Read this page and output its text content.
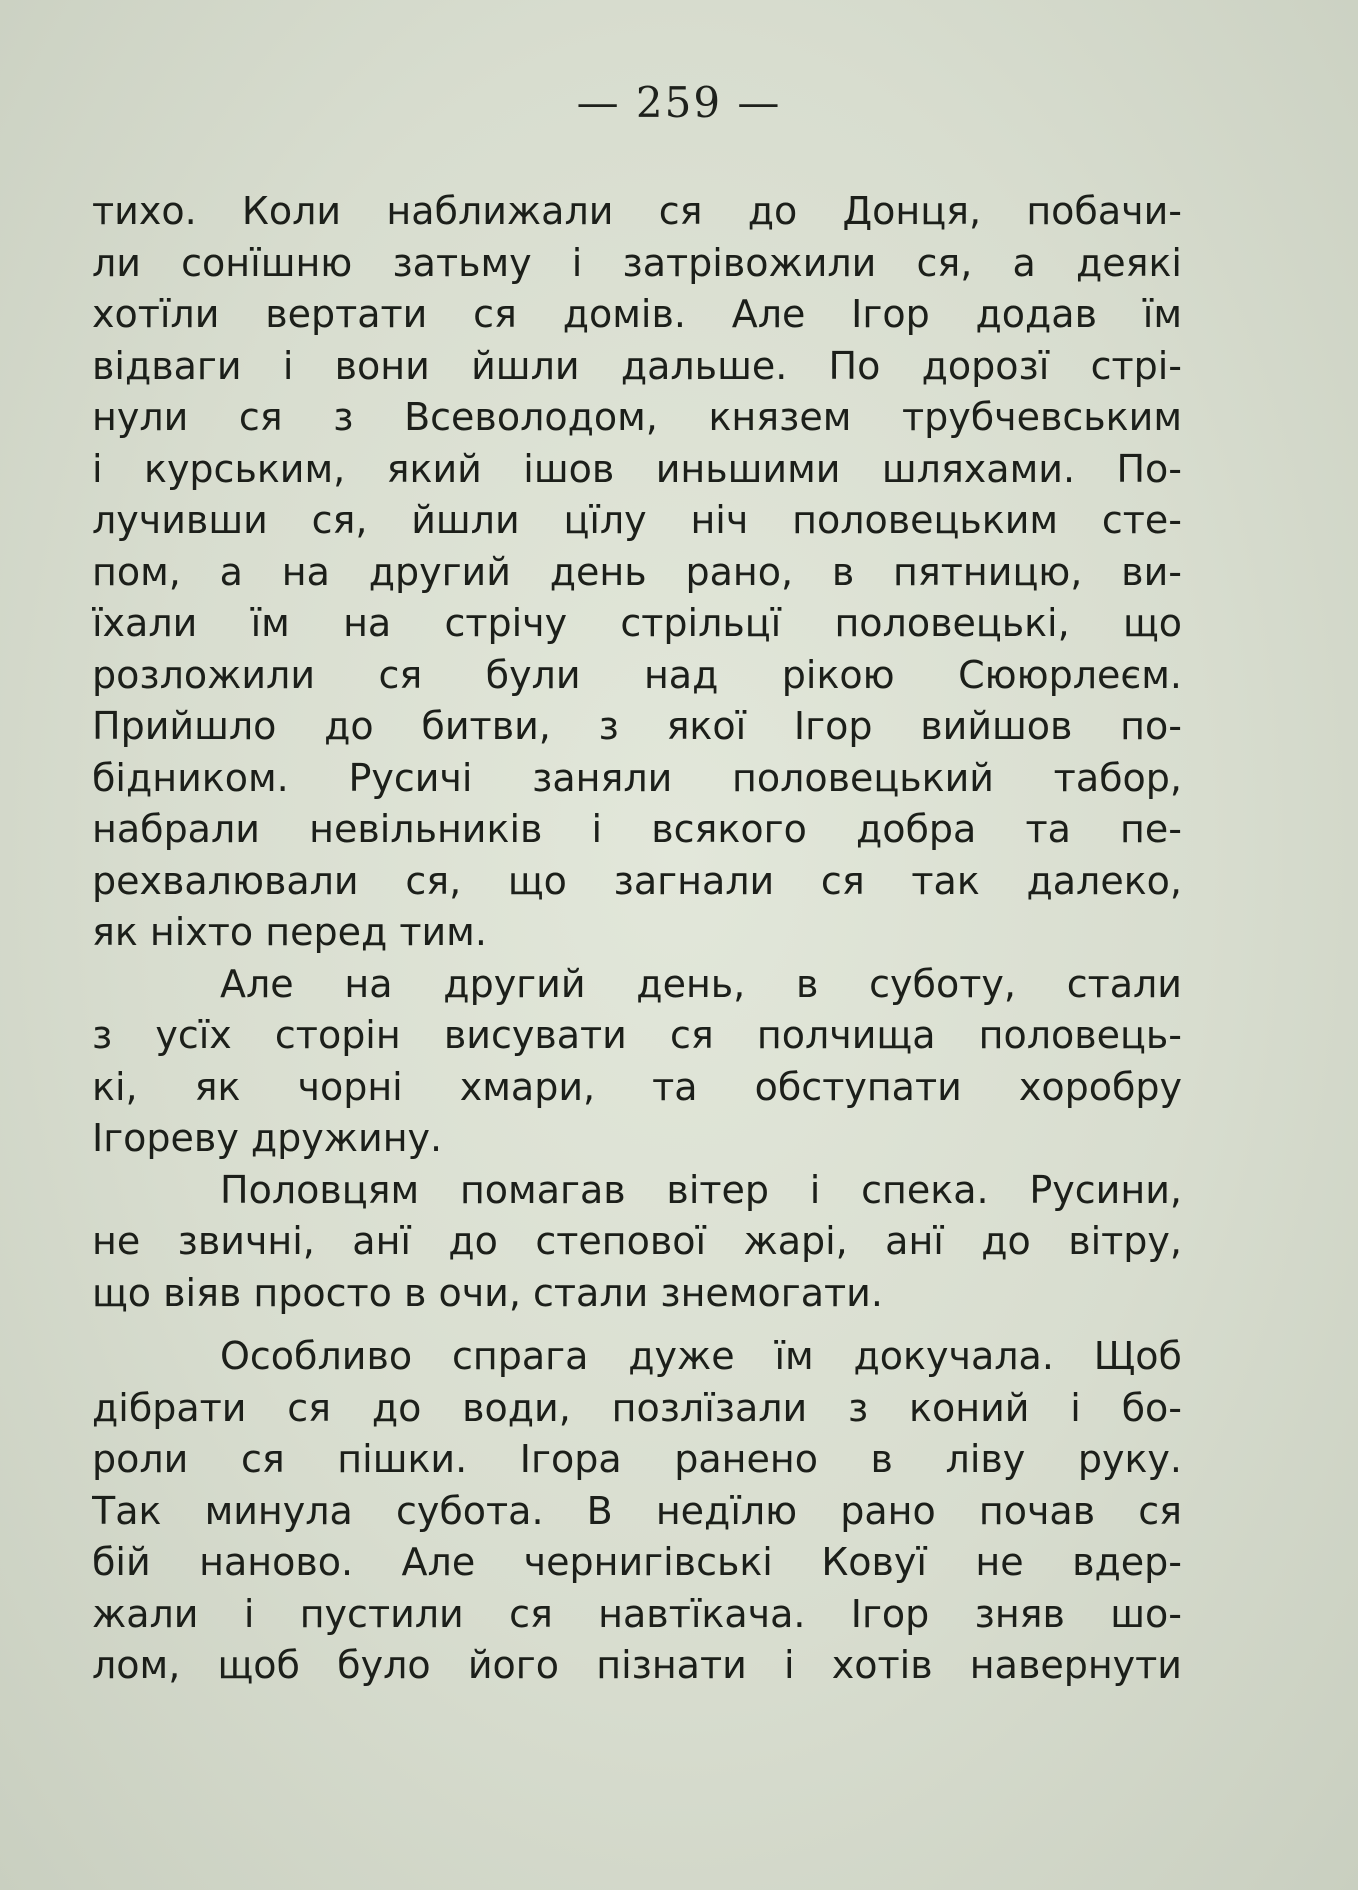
— 259 —
тихо. Коли наближали ся до Донця, побачи-
ли сонїшню затьму і затрівожили ся, а деякі
хотїли вертати ся домів. Але Ігор додав їм
відваги і вони йшли дальше. По дорозї стрі-
нули ся з Всеволодом, князем трубчевським
і курським, який ішов иньшими шляхами. По-
лучивши ся, йшли цїлу ніч половецьким сте-
пом, а на другий день рано, в пятницю, ви-
їхали їм на стрічу стрільцї половецькі, що
розложили ся були над рікою Сююрлеєм.
Прийшло до битви, з якої Ігор вийшов по-
бідником. Русичі заняли половецький табор,
набрали невільників і всякого добра та пе-
рехвалювали ся, що загнали ся так далеко,
як ніхто перед тим.
Але на другий день, в суботу, стали
з усїх сторін висувати ся полчища половець-
кі, як чорні хмари, та обступати хоробру
Ігореву дружину.
Половцям помагав вітер і спека. Русини,
не звичні, анї до степової жарі, анї до вітру,
що віяв просто в очи, стали знемогати.
Особливо спрага дуже їм докучала. Щоб
дібрати ся до води, позлїзали з коний і бо-
роли ся пішки. Ігора ранено в ліву руку.
Так минула субота. В недїлю рано почав ся
бій наново. Але чернигівські Ковуї не вдер-
жали і пустили ся навтїкача. Ігор зняв шо-
лом, щоб було його пізнати і хотів навернути
